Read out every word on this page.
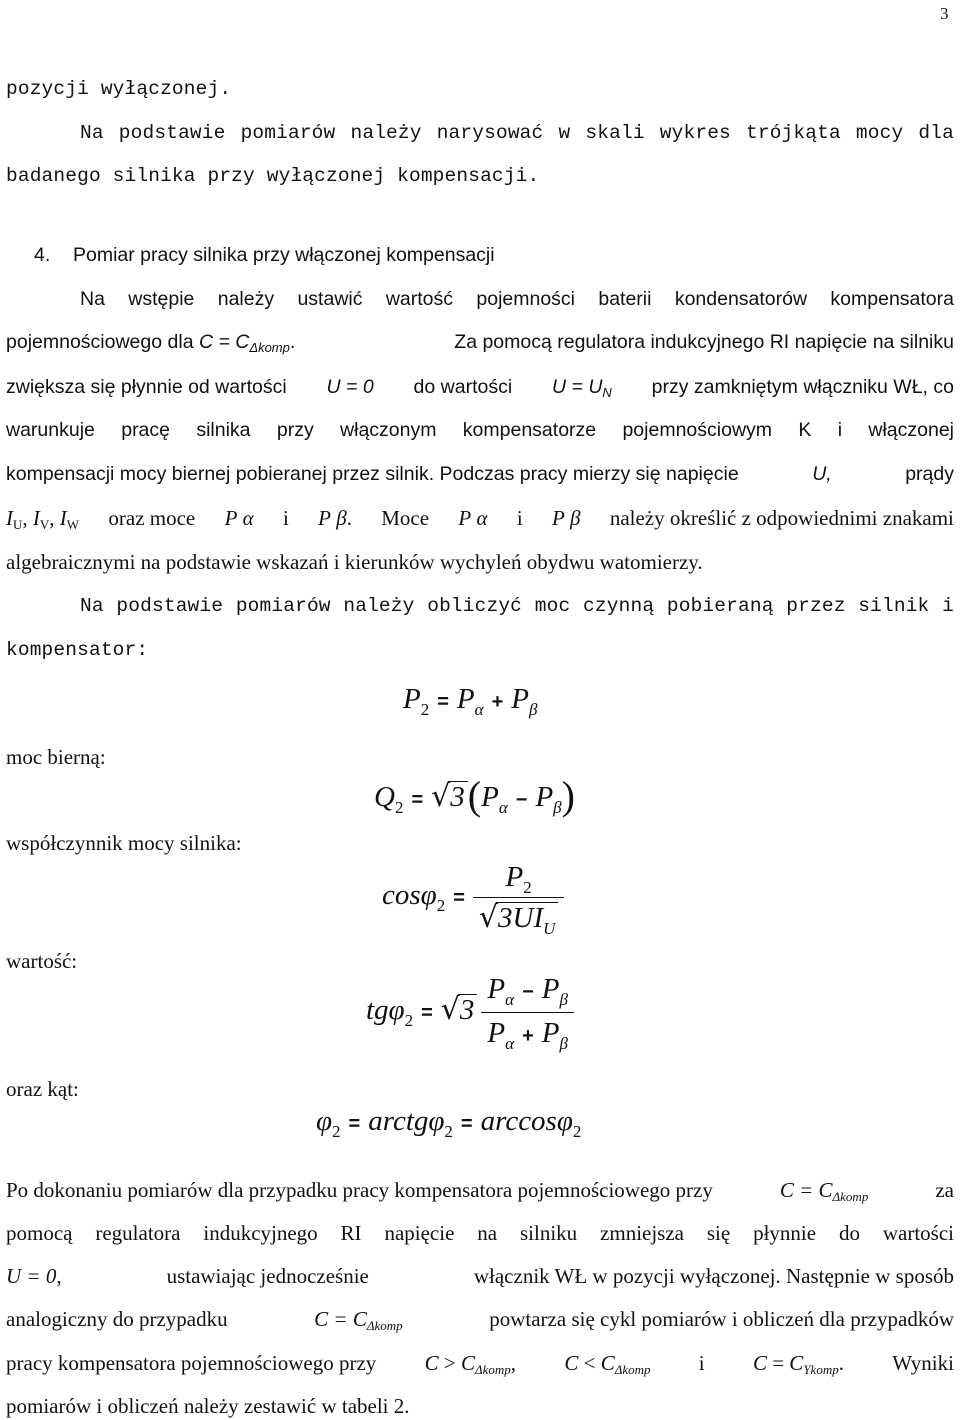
3
pozycji wyłączonej.
Na podstawie pomiarów należy narysować w skali wykres trójkąta mocy dla
badanego silnika przy wyłączonej kompensacji.
4. Pomiar pracy silnika przy włączonej kompensacji
Na wstępie należy ustawić wartość pojemności baterii kondensatorów kompensatora
pojemnościowego dla $C = C_{\Delta komp}$.	Za pomocą regulatora indukcyjnego RI napięcie na silniku
zwiększa się płynnie od wartości U = 0 do wartości $U = U_N$ przy zamkniętym włączniku WŁ, co
warunkuje pracę silnika przy włączonym kompensatorze pojemnościowym K i włączonej
kompensacji mocy biernej pobieranej przez silnik. Podczas pracy mierzy się napięcie	U,	prądy
$I_U$, $I_V$, $I_W$ oraz moce P α i P β. Moce P α i P β należy określić z odpowiednimi znakami
algebraicznymi na podstawie wskazań i kierunków wychyleń obydwu watomierzy.
Na podstawie pomiarów należy obliczyć moc czynną pobieraną przez silnik i
kompensator:
$P_2 = P_\alpha + P_\beta$
moc bierną:
$Q_2 = √3(P_\alpha - P_\beta)$
współczynnik mocy silnika:
$\cos\varphi_2 = \frac{P_2}{√3UI_U}$
wartość:
$tg\varphi_2 = √3 \frac{P_\alpha - P_\beta}{P_\alpha + P_\beta}$
oraz kąt:
$\varphi_2$ = arctgφ$_2$ = arccosφ$_2$
Po dokonaniu pomiarów dla przypadku pracy kompensatora pojemnościowego przy	$C = C_{\Delta komp}$	za
pomocą regulatora indukcyjnego RI napięcie na silniku zmniejsza się płynnie do wartości
U = 0,	ustawiając jednocześnie	włącznik WŁ w pozycji wyłączonej. Następnie w sposób
analogiczny do przypadku	$C = C_{\Delta komp}$	powtarza się cykl pomiarów i obliczeń dla przypadków
pracy kompensatora pojemnościowego przy $C > C_{\Delta komp}$, $C < C_{\Delta komp}$ i $C = C_{Ykomp}$. Wyniki
pomiarów i obliczeń należy zestawić w tabeli 2.
